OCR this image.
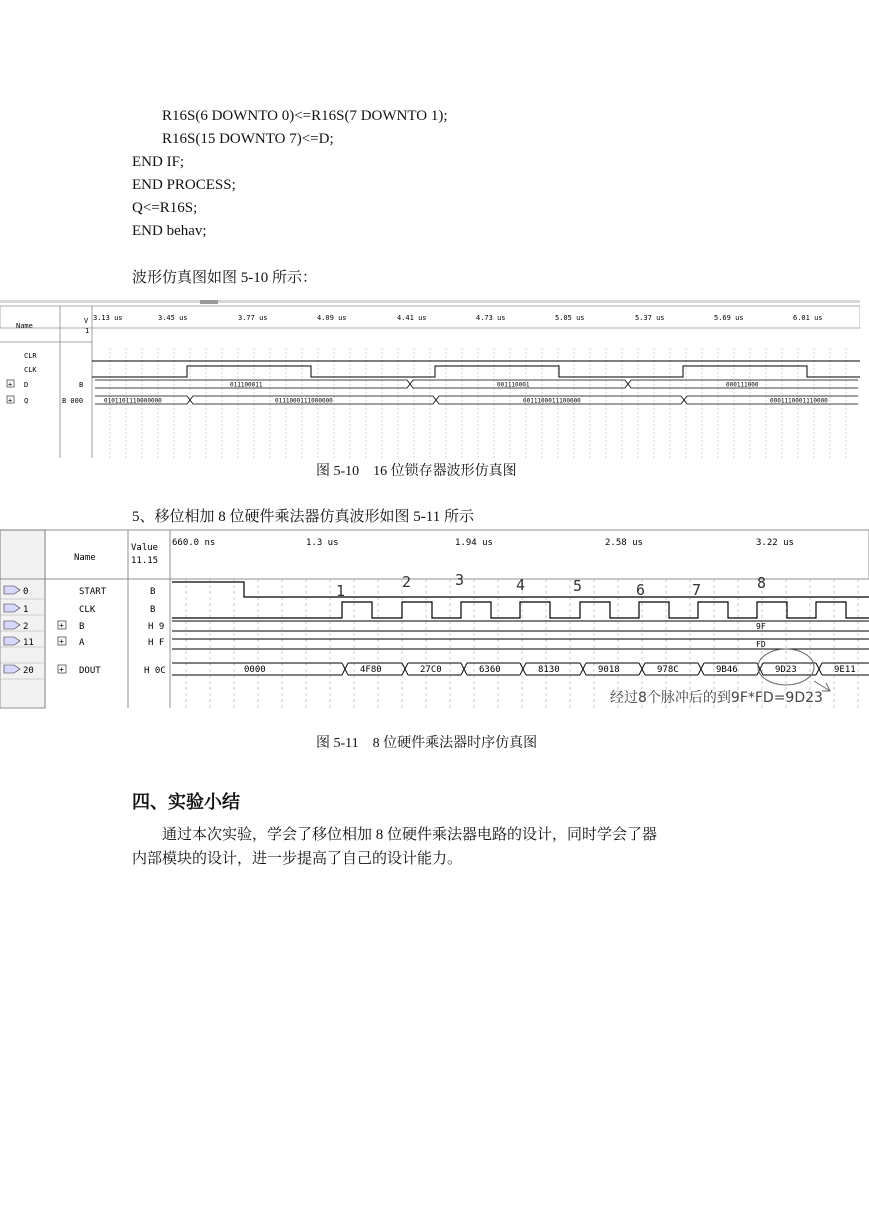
R16S(6 DOWNTO 0)<=R16S(7 DOWNTO 1);
R16S(15 DOWNTO 7)<=D;
END IF;
END PROCESS;
Q<=R16S;
END behav;
波形仿真图如图 5-10 所示：
Name
V
1
3.13 us	3.45 us	3.77 us	4.09 us	4.41 us	4.73 us	5.05 us	5.37 us	5.69 us	6.01 us
CLR
CLK
+ D	B
+ Q	B 000
011100011	001110001	000111000
0101101110000000	0111000111000000	0011100011100000	0001110001110000
图 5-10　16 位锁存器波形仿真图
5、移位相加 8 位硬件乘法器仿真波形如图 5-11 所示
Name
Value
11.15
660.0 ns	1.3 us	1.94 us	2.58 us	3.22 us
0	START	B
1	CLK	B
2	+ B	H 9
11	+ A	H F
20	+ DOUT	H 0C
9F
FD
0000	4F80	27C0	6360	8130	9018	978C	9B46	9D23	9E11
1	2	3	4	5	6	7	8
经过8个脉冲后的到9F*FD=9D23
图 5-11　8 位硬件乘法器时序仿真图
四、实验小结
通过本次实验，学会了移位相加 8 位硬件乘法器电路的设计，同时学会了器
内部模块的设计，进一步提高了自己的设计能力。
